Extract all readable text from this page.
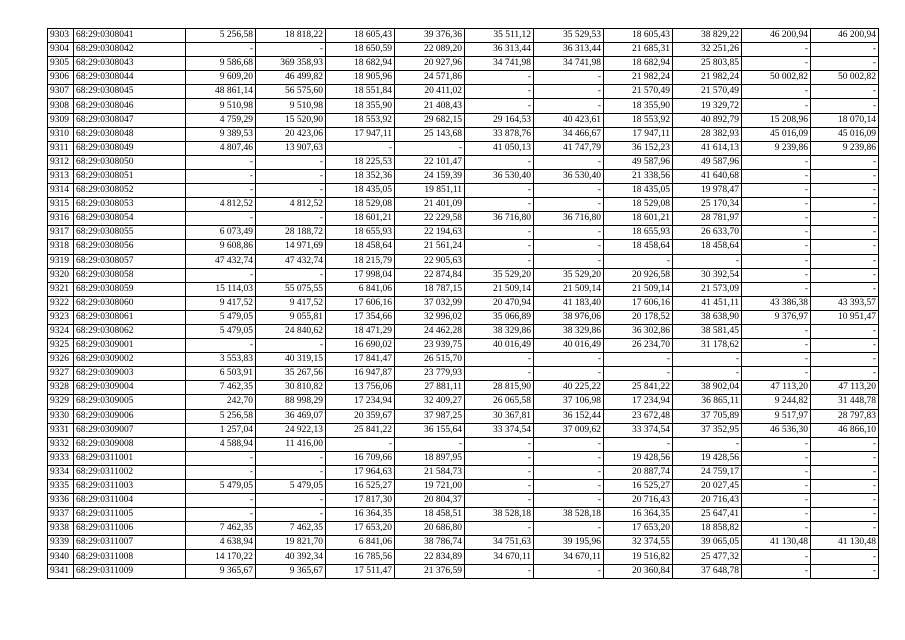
9303	68:29:0308041	5 256,58	18 818,22	18 605,43	39 376,36	35 511,12	35 529,53	18 605,43	38 829,22	46 200,94	46 200,94
9304	68:29:0308042	-	-	18 650,59	22 089,20	36 313,44	36 313,44	21 685,31	32 251,26	-	-
9305	68:29:0308043	9 586,68	369 358,93	18 682,94	20 927,96	34 741,98	34 741,98	18 682,94	25 803,85	-	-
9306	68:29:0308044	9 609,20	46 499,82	18 905,96	24 571,86	-	-	21 982,24	21 982,24	50 002,82	50 002,82
9307	68:29:0308045	48 861,14	56 575,60	18 551,84	20 411,02	-	-	21 570,49	21 570,49	-	-
9308	68:29:0308046	9 510,98	9 510,98	18 355,90	21 408,43	-	-	18 355,90	19 329,72	-	-
9309	68:29:0308047	4 759,29	15 520,90	18 553,92	29 682,15	29 164,53	40 423,61	18 553,92	40 892,79	15 208,96	18 070,14
9310	68:29:0308048	9 389,53	20 423,06	17 947,11	25 143,68	33 878,76	34 466,67	17 947,11	28 382,93	45 016,09	45 016,09
9311	68:29:0308049	4 807,46	13 907,63	-	-	41 050,13	41 747,79	36 152,23	41 614,13	9 239,86	9 239,86
9312	68:29:0308050	-	-	18 225,53	22 101,47	-	-	49 587,96	49 587,96	-	-
9313	68:29:0308051	-	-	18 352,36	24 159,39	36 530,40	36 530,40	21 338,56	41 640,68	-	-
9314	68:29:0308052	-	-	18 435,05	19 851,11	-	-	18 435,05	19 978,47	-	-
9315	68:29:0308053	4 812,52	4 812,52	18 529,08	21 401,09	-	-	18 529,08	25 170,34	-	-
9316	68:29:0308054	-	-	18 601,21	22 229,58	36 716,80	36 716,80	18 601,21	28 781,97	-	-
9317	68:29:0308055	6 073,49	28 188,72	18 655,93	22 194,63	-	-	18 655,93	26 633,70	-	-
9318	68:29:0308056	9 608,86	14 971,69	18 458,64	21 561,24	-	-	18 458,64	18 458,64	-	-
9319	68:29:0308057	47 432,74	47 432,74	18 215,79	22 905,63	-	-	-	-	-	-
9320	68:29:0308058	-	-	17 998,04	22 874,84	35 529,20	35 529,20	20 926,58	30 392,54	-	-
9321	68:29:0308059	15 114,03	55 075,55	6 841,06	18 787,15	21 509,14	21 509,14	21 509,14	21 573,09	-	-
9322	68:29:0308060	9 417,52	9 417,52	17 606,16	37 032,99	20 470,94	41 183,40	17 606,16	41 451,11	43 386,38	43 393,57
9323	68:29:0308061	5 479,05	9 055,81	17 354,66	32 996,02	35 066,89	38 976,06	20 178,52	38 638,90	9 376,97	10 951,47
9324	68:29:0308062	5 479,05	24 840,62	18 471,29	24 462,28	38 329,86	38 329,86	36 302,86	38 581,45	-	-
9325	68:29:0309001	-	-	16 690,02	23 939,75	40 016,49	40 016,49	26 234,70	31 178,62	-	-
9326	68:29:0309002	3 553,83	40 319,15	17 841,47	26 515,70	-	-	-	-	-	-
9327	68:29:0309003	6 503,91	35 267,56	16 947,87	23 779,93	-	-	-	-	-	-
9328	68:29:0309004	7 462,35	30 810,82	13 756,06	27 881,11	28 815,90	40 225,22	25 841,22	38 902,04	47 113,20	47 113,20
9329	68:29:0309005	242,70	88 998,29	17 234,94	32 409,27	26 065,58	37 106,98	17 234,94	36 865,11	9 244,82	31 448,78
9330	68:29:0309006	5 256,58	36 469,07	20 359,67	37 987,25	30 367,81	36 152,44	23 672,48	37 705,89	9 517,97	28 797,83
9331	68:29:0309007	1 257,04	24 922,13	25 841,22	36 155,64	33 374,54	37 009,62	33 374,54	37 352,95	46 536,30	46 866,10
9332	68:29:0309008	4 588,94	11 416,00	-	-	-	-	-	-	-	-
9333	68:29:0311001	-	-	16 709,66	18 897,95	-	-	19 428,56	19 428,56	-	-
9334	68:29:0311002	-	-	17 964,63	21 584,73	-	-	20 887,74	24 759,17	-	-
9335	68:29:0311003	5 479,05	5 479,05	16 525,27	19 721,00	-	-	16 525,27	20 027,45	-	-
9336	68:29:0311004	-	-	17 817,30	20 804,37	-	-	20 716,43	20 716,43	-	-
9337	68:29:0311005	-	-	16 364,35	18 458,51	38 528,18	38 528,18	16 364,35	25 647,41	-	-
9338	68:29:0311006	7 462,35	7 462,35	17 653,20	20 686,80	-	-	17 653,20	18 858,82	-	-
9339	68:29:0311007	4 638,94	19 821,70	6 841,06	38 786,74	34 751,63	39 195,96	32 374,55	39 065,05	41 130,48	41 130,48
9340	68:29:0311008	14 170,22	40 392,34	16 785,56	22 834,89	34 670,11	34 670,11	19 516,82	25 477,32	-	-
9341	68:29:0311009	9 365,67	9 365,67	17 511,47	21 376,59	-	-	20 360,84	37 648,78	-	-
